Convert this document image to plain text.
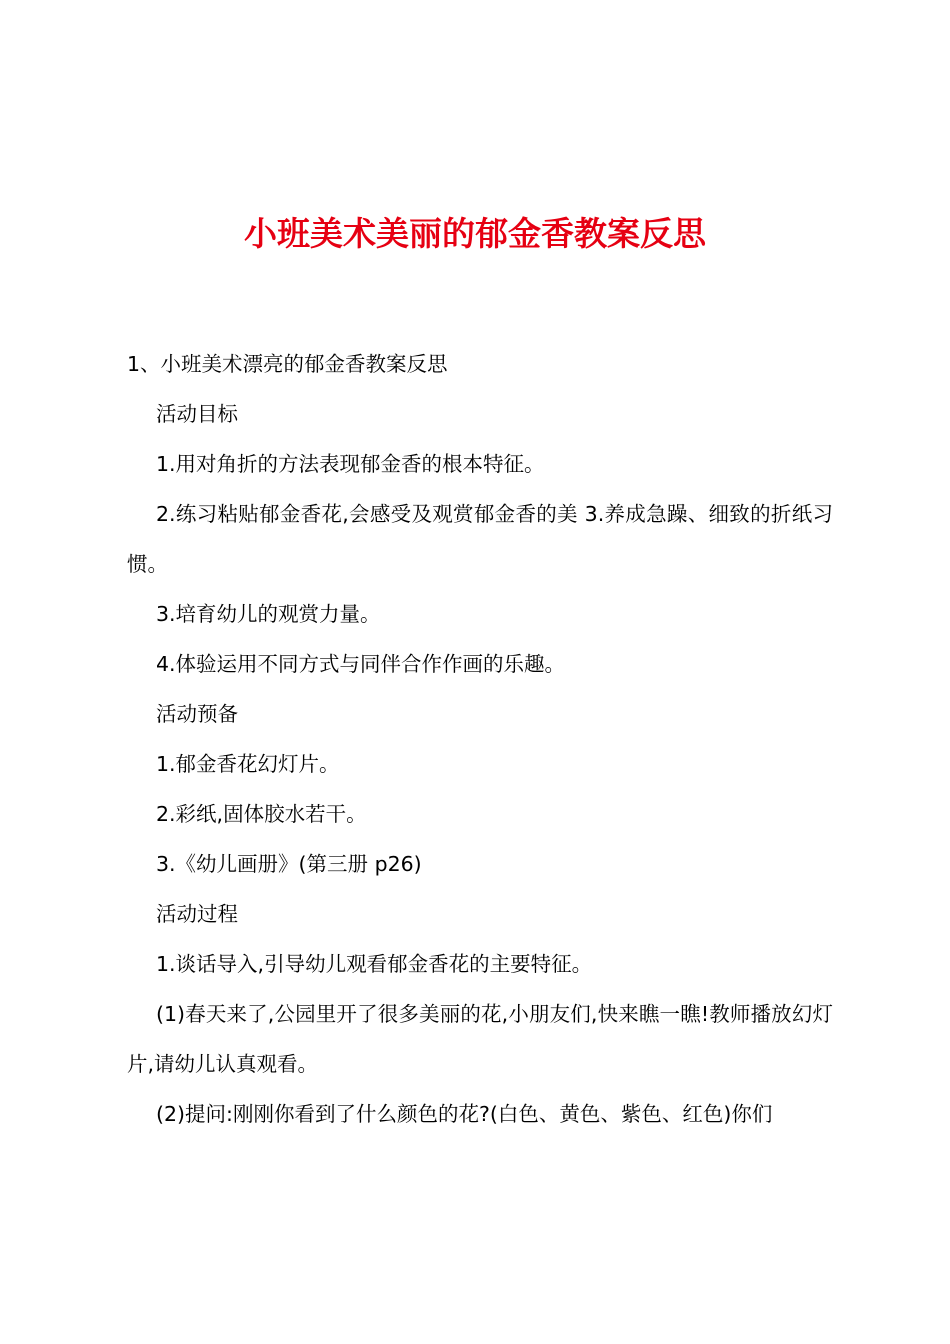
小班美术美丽的郁金香教案反思

1、小班美术漂亮的郁金香教案反思

活动目标

1.用对角折的方法表现郁金香的根本特征。

2.练习粘贴郁金香花,会感受及观赏郁金香的美 3.养成急躁、细致的折纸习惯。

3.培育幼儿的观赏力量。

4.体验运用不同方式与同伴合作作画的乐趣。

活动预备

1.郁金香花幻灯片。

2.彩纸,固体胶水若干。

3.《幼儿画册》(第三册 p26)

活动过程

1.谈话导入,引导幼儿观看郁金香花的主要特征。

(1)春天来了,公园里开了很多美丽的花,小朋友们,快来瞧一瞧!教师播放幻灯片,请幼儿认真观看。

(2)提问:刚刚你看到了什么颜色的花?(白色、黄色、紫色、红色)你们
